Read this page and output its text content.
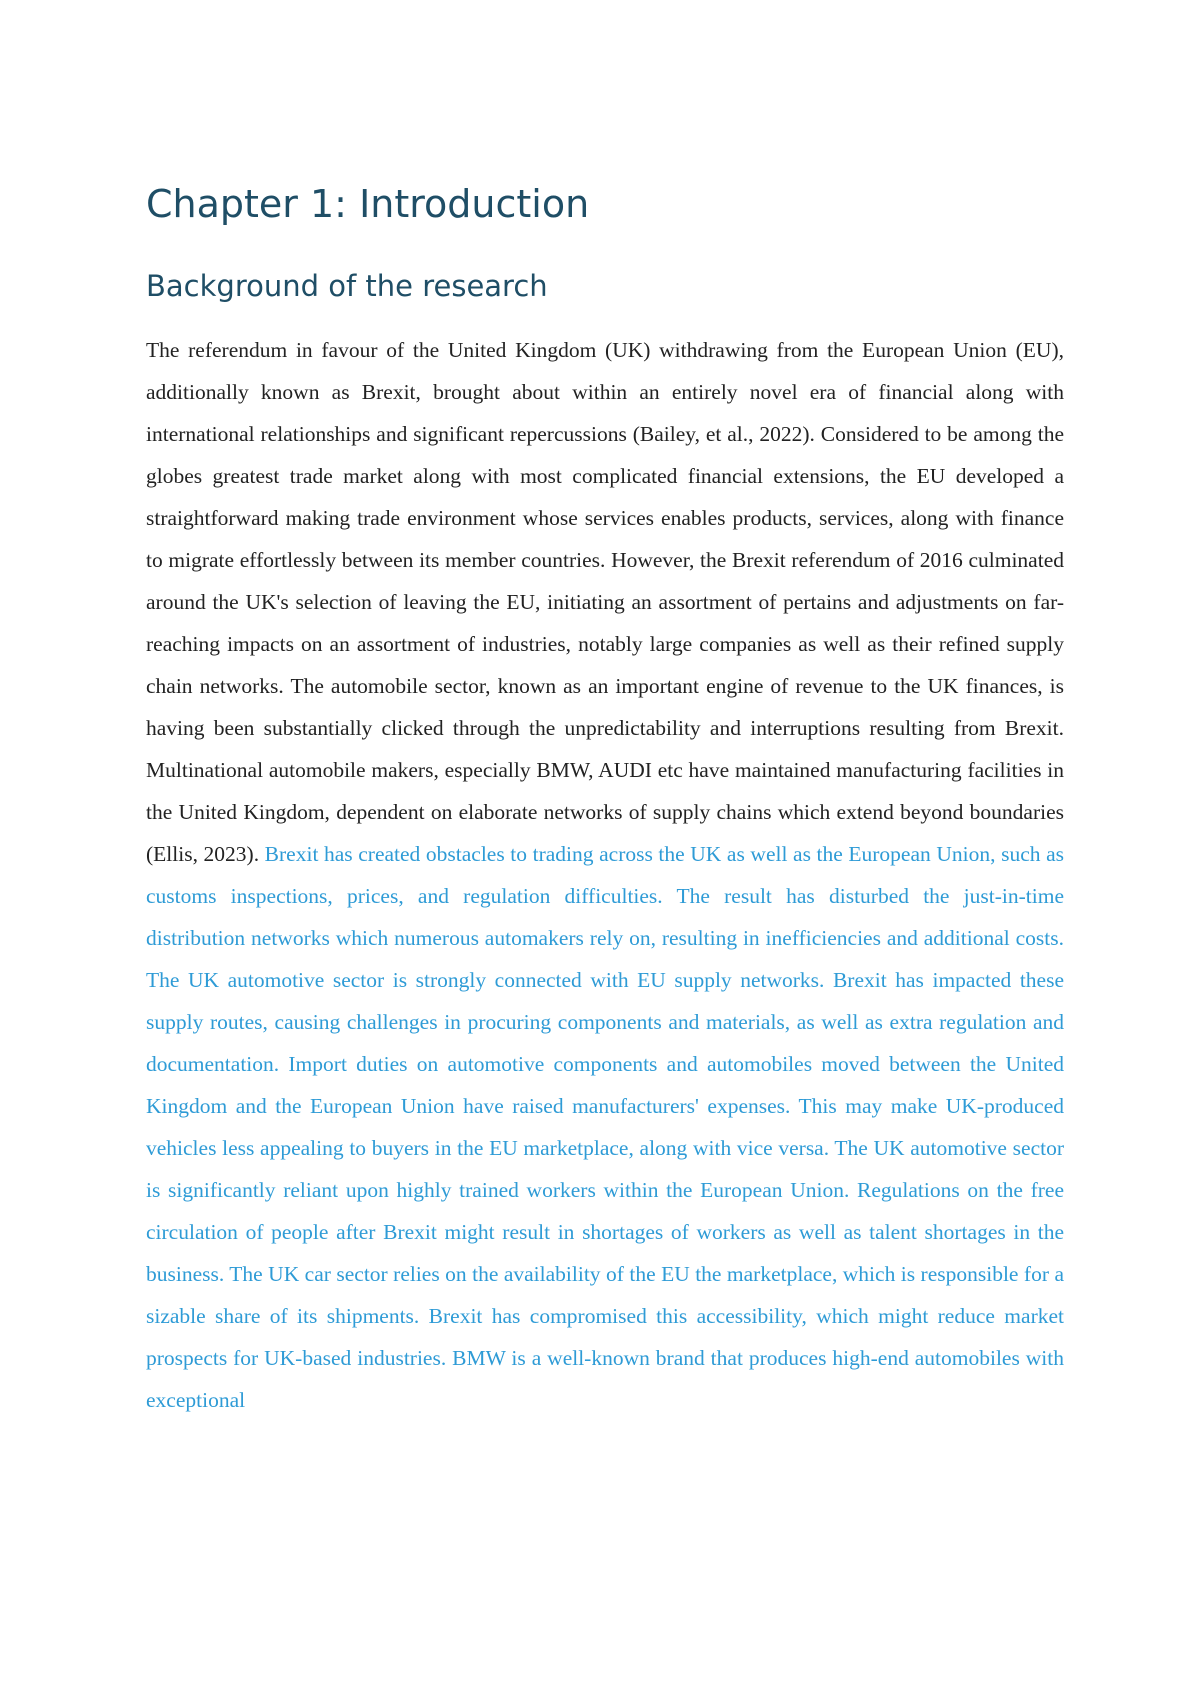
Chapter 1: Introduction
Background of the research

The referendum in favour of the United Kingdom (UK) withdrawing from the European Union (EU), additionally known as Brexit, brought about within an entirely novel era of financial along with international relationships and significant repercussions (Bailey, et al., 2022). Considered to be among the globes greatest trade market along with most complicated financial extensions, the EU developed a straightforward making trade environment whose services enables products, services, along with finance to migrate effortlessly between its member countries. However, the Brexit referendum of 2016 culminated around the UK's selection of leaving the EU, initiating an assortment of pertains and adjustments on far-reaching impacts on an assortment of industries, notably large companies as well as their refined supply chain networks. The automobile sector, known as an important engine of revenue to the UK finances, is having been substantially clicked through the unpredictability and interruptions resulting from Brexit. Multinational automobile makers, especially BMW, AUDI etc have maintained manufacturing facilities in the United Kingdom, dependent on elaborate networks of supply chains which extend beyond boundaries (Ellis, 2023). Brexit has created obstacles to trading across the UK as well as the European Union, such as customs inspections, prices, and regulation difficulties. The result has disturbed the just-in-time distribution networks which numerous automakers rely on, resulting in inefficiencies and additional costs. The UK automotive sector is strongly connected with EU supply networks. Brexit has impacted these supply routes, causing challenges in procuring components and materials, as well as extra regulation and documentation. Import duties on automotive components and automobiles moved between the United Kingdom and the European Union have raised manufacturers' expenses. This may make UK-produced vehicles less appealing to buyers in the EU marketplace, along with vice versa. The UK automotive sector is significantly reliant upon highly trained workers within the European Union. Regulations on the free circulation of people after Brexit might result in shortages of workers as well as talent shortages in the business. The UK car sector relies on the availability of the EU the marketplace, which is responsible for a sizable share of its shipments. Brexit has compromised this accessibility, which might reduce market prospects for UK-based industries. BMW is a well-known brand that produces high-end automobiles with exceptional
